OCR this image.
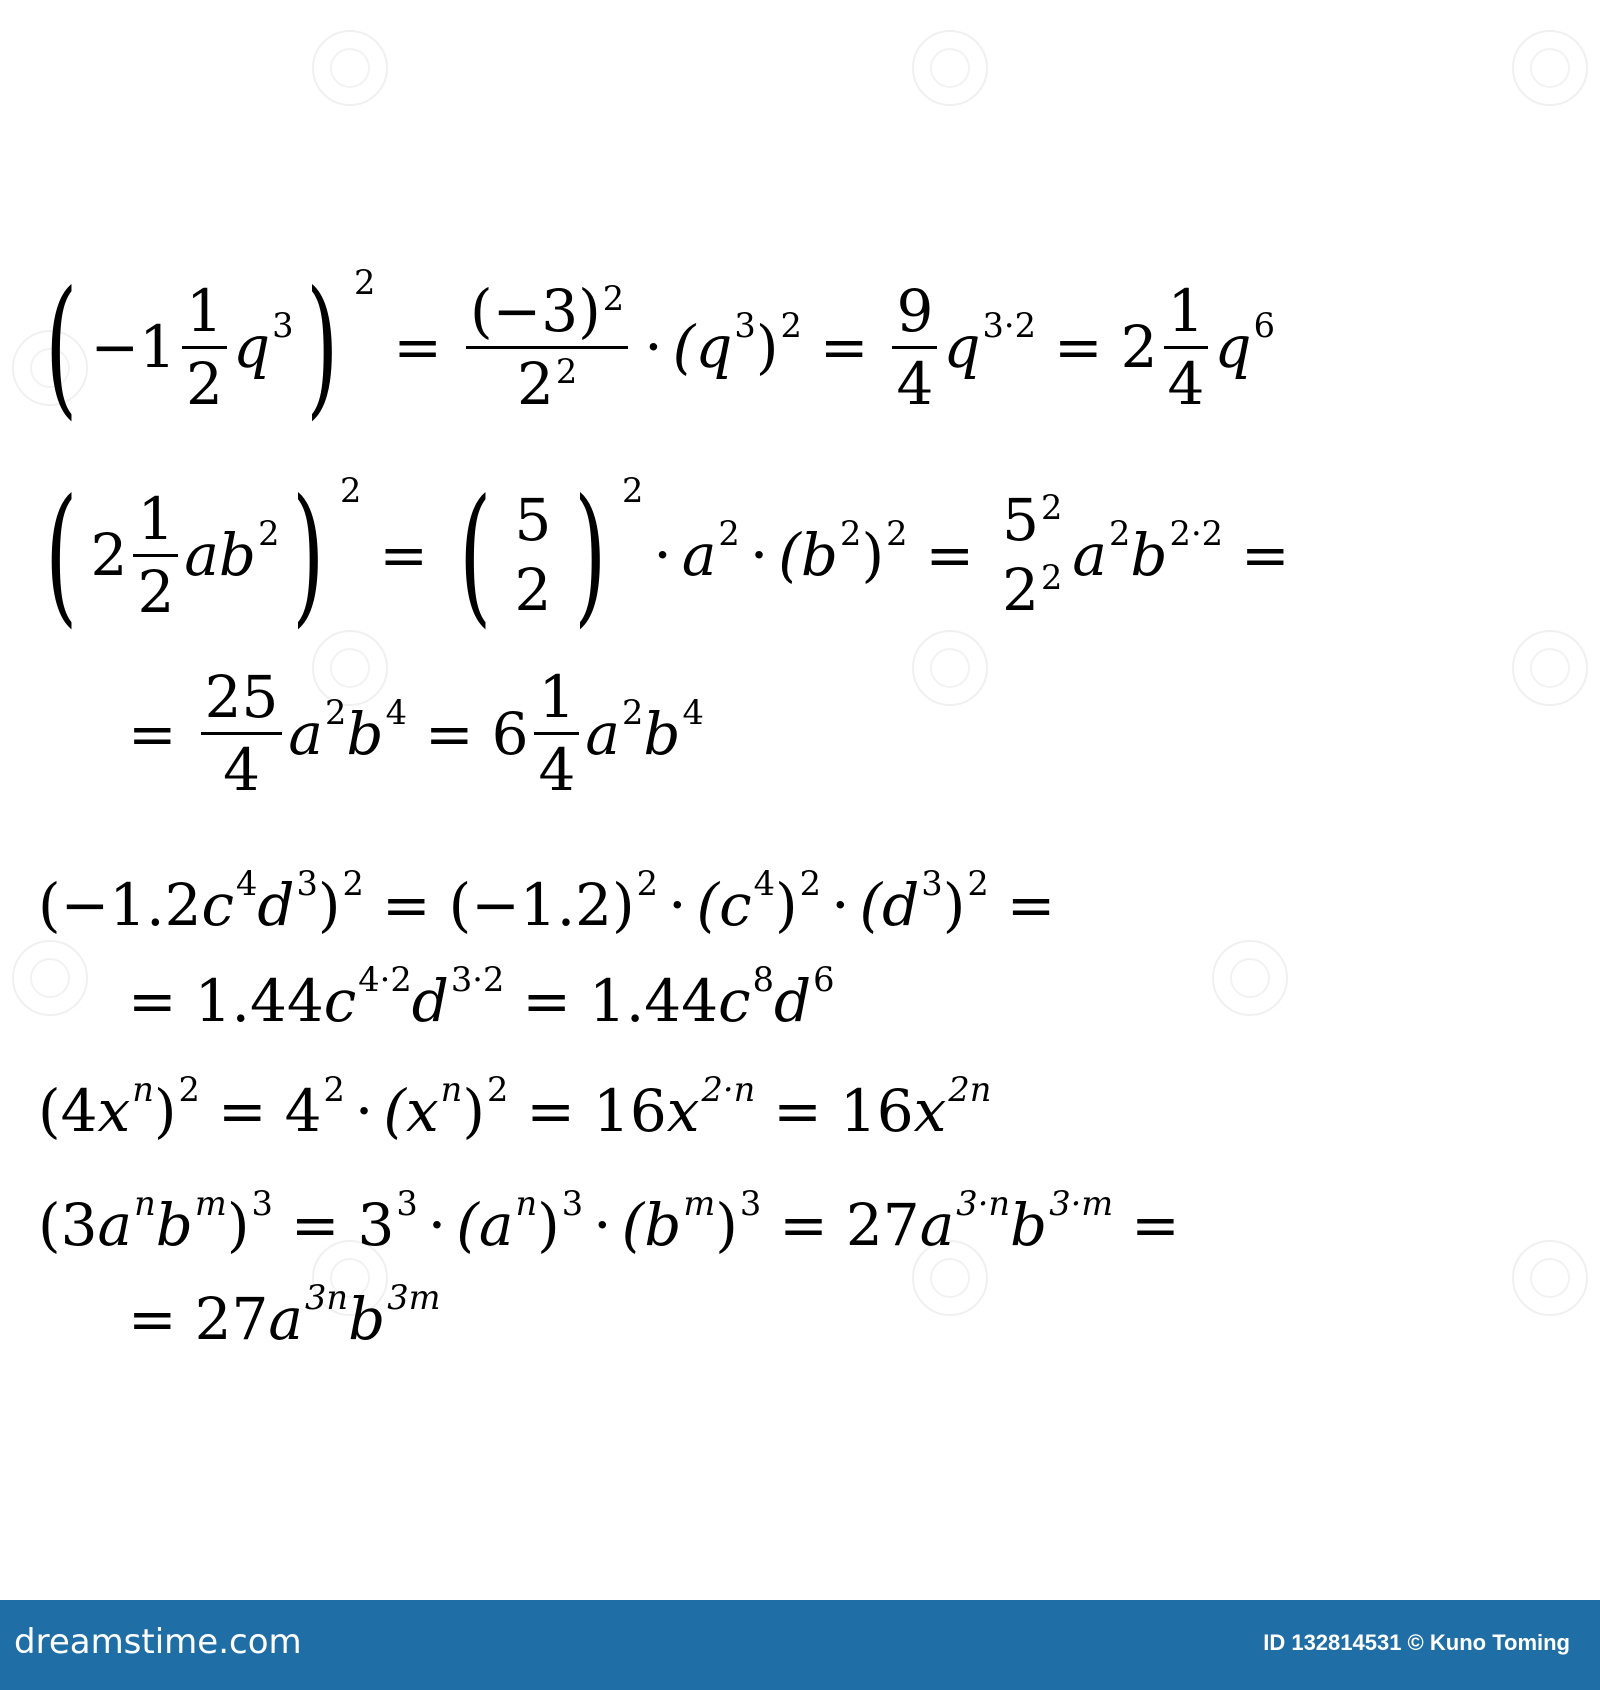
( $-1 \frac{1}{2} q^3$ ) $^2$
= $\frac{(-3)^2}{2^2} \cdot (q^3$ )$^2 = \frac{9}{4} q^{3\cdot 2} = 2 \frac{1}{4} q^6$
( $2 \frac{1}{2} ab^2$ ) $^2$
= ( 5
2 ) $^2$
· $a^2 \cdot (b^2$ )$^2$ =
$5^2$
$2^2$ $a^2$ $b^{2\cdot 2}$ =
= $\frac{25}{4} a^2$ $b^4 = 6 \frac{1}{4} a^2$ $b^4$
(−1.2 $c^4$ $d^3$ )$^2 = (-1.2)^2 \cdot (c^4$ )$^2 \cdot (d^3$ )$^2$ =
= 1.44 $c^{4\cdot 2}$ $d^{3\cdot 2} = 1.44$ $c^8$ $d^6$
(4 $x^n$ )$^2 = 4^2 \cdot (x^n$ )$^2$ = 16 $x^{2\cdot n} = 16$ $x^{2n}$
(3 $a^n$ $b^m$ )$^3 = 3^3 \cdot (a^n$ )$^3 \cdot (b^m$ )$^3$ = 27 $a^{3\cdot n}$ $b^{3\cdot m}$ =
= 27 $a^{3n}$ $b^{3m}$
dreamstime.com	ID 132814531 © Kuno Toming
